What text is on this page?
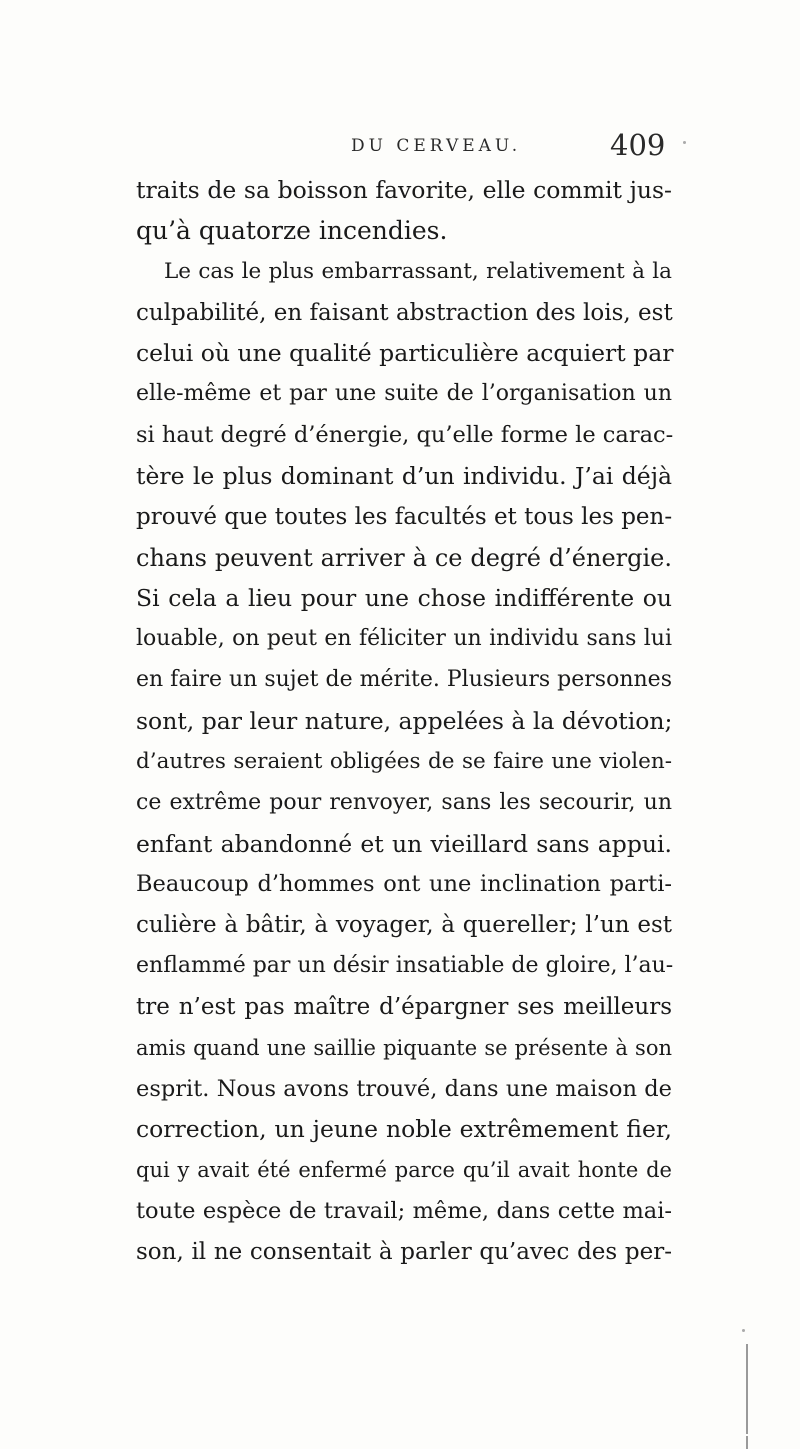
DU CERVEAU.	409
traits de sa boisson favorite, elle commit jus-
qu’à quatorze incendies.
Le cas le plus embarrassant, relativement à la
culpabilité, en faisant abstraction des lois, est
celui où une qualité particulière acquiert par
elle-même et par une suite de l’organisation un
si haut degré d’énergie, qu’elle forme le carac-
tère le plus dominant d’un individu. J’ai déjà
prouvé que toutes les facultés et tous les pen-
chans peuvent arriver à ce degré d’énergie.
Si cela a lieu pour une chose indifférente ou
louable, on peut en féliciter un individu sans lui
en faire un sujet de mérite. Plusieurs personnes
sont, par leur nature, appelées à la dévotion;
d’autres seraient obligées de se faire une violen-
ce extrême pour renvoyer, sans les secourir, un
enfant abandonné et un vieillard sans appui.
Beaucoup d’hommes ont une inclination parti-
culière à bâtir, à voyager, à quereller; l’un est
enflammé par un désir insatiable de gloire, l’au-
tre n’est pas maître d’épargner ses meilleurs
amis quand une saillie piquante se présente à son
esprit. Nous avons trouvé, dans une maison de
correction, un jeune noble extrêmement fier,
qui y avait été enfermé parce qu’il avait honte de
toute espèce de travail; même, dans cette mai-
son, il ne consentait à parler qu’avec des per-
